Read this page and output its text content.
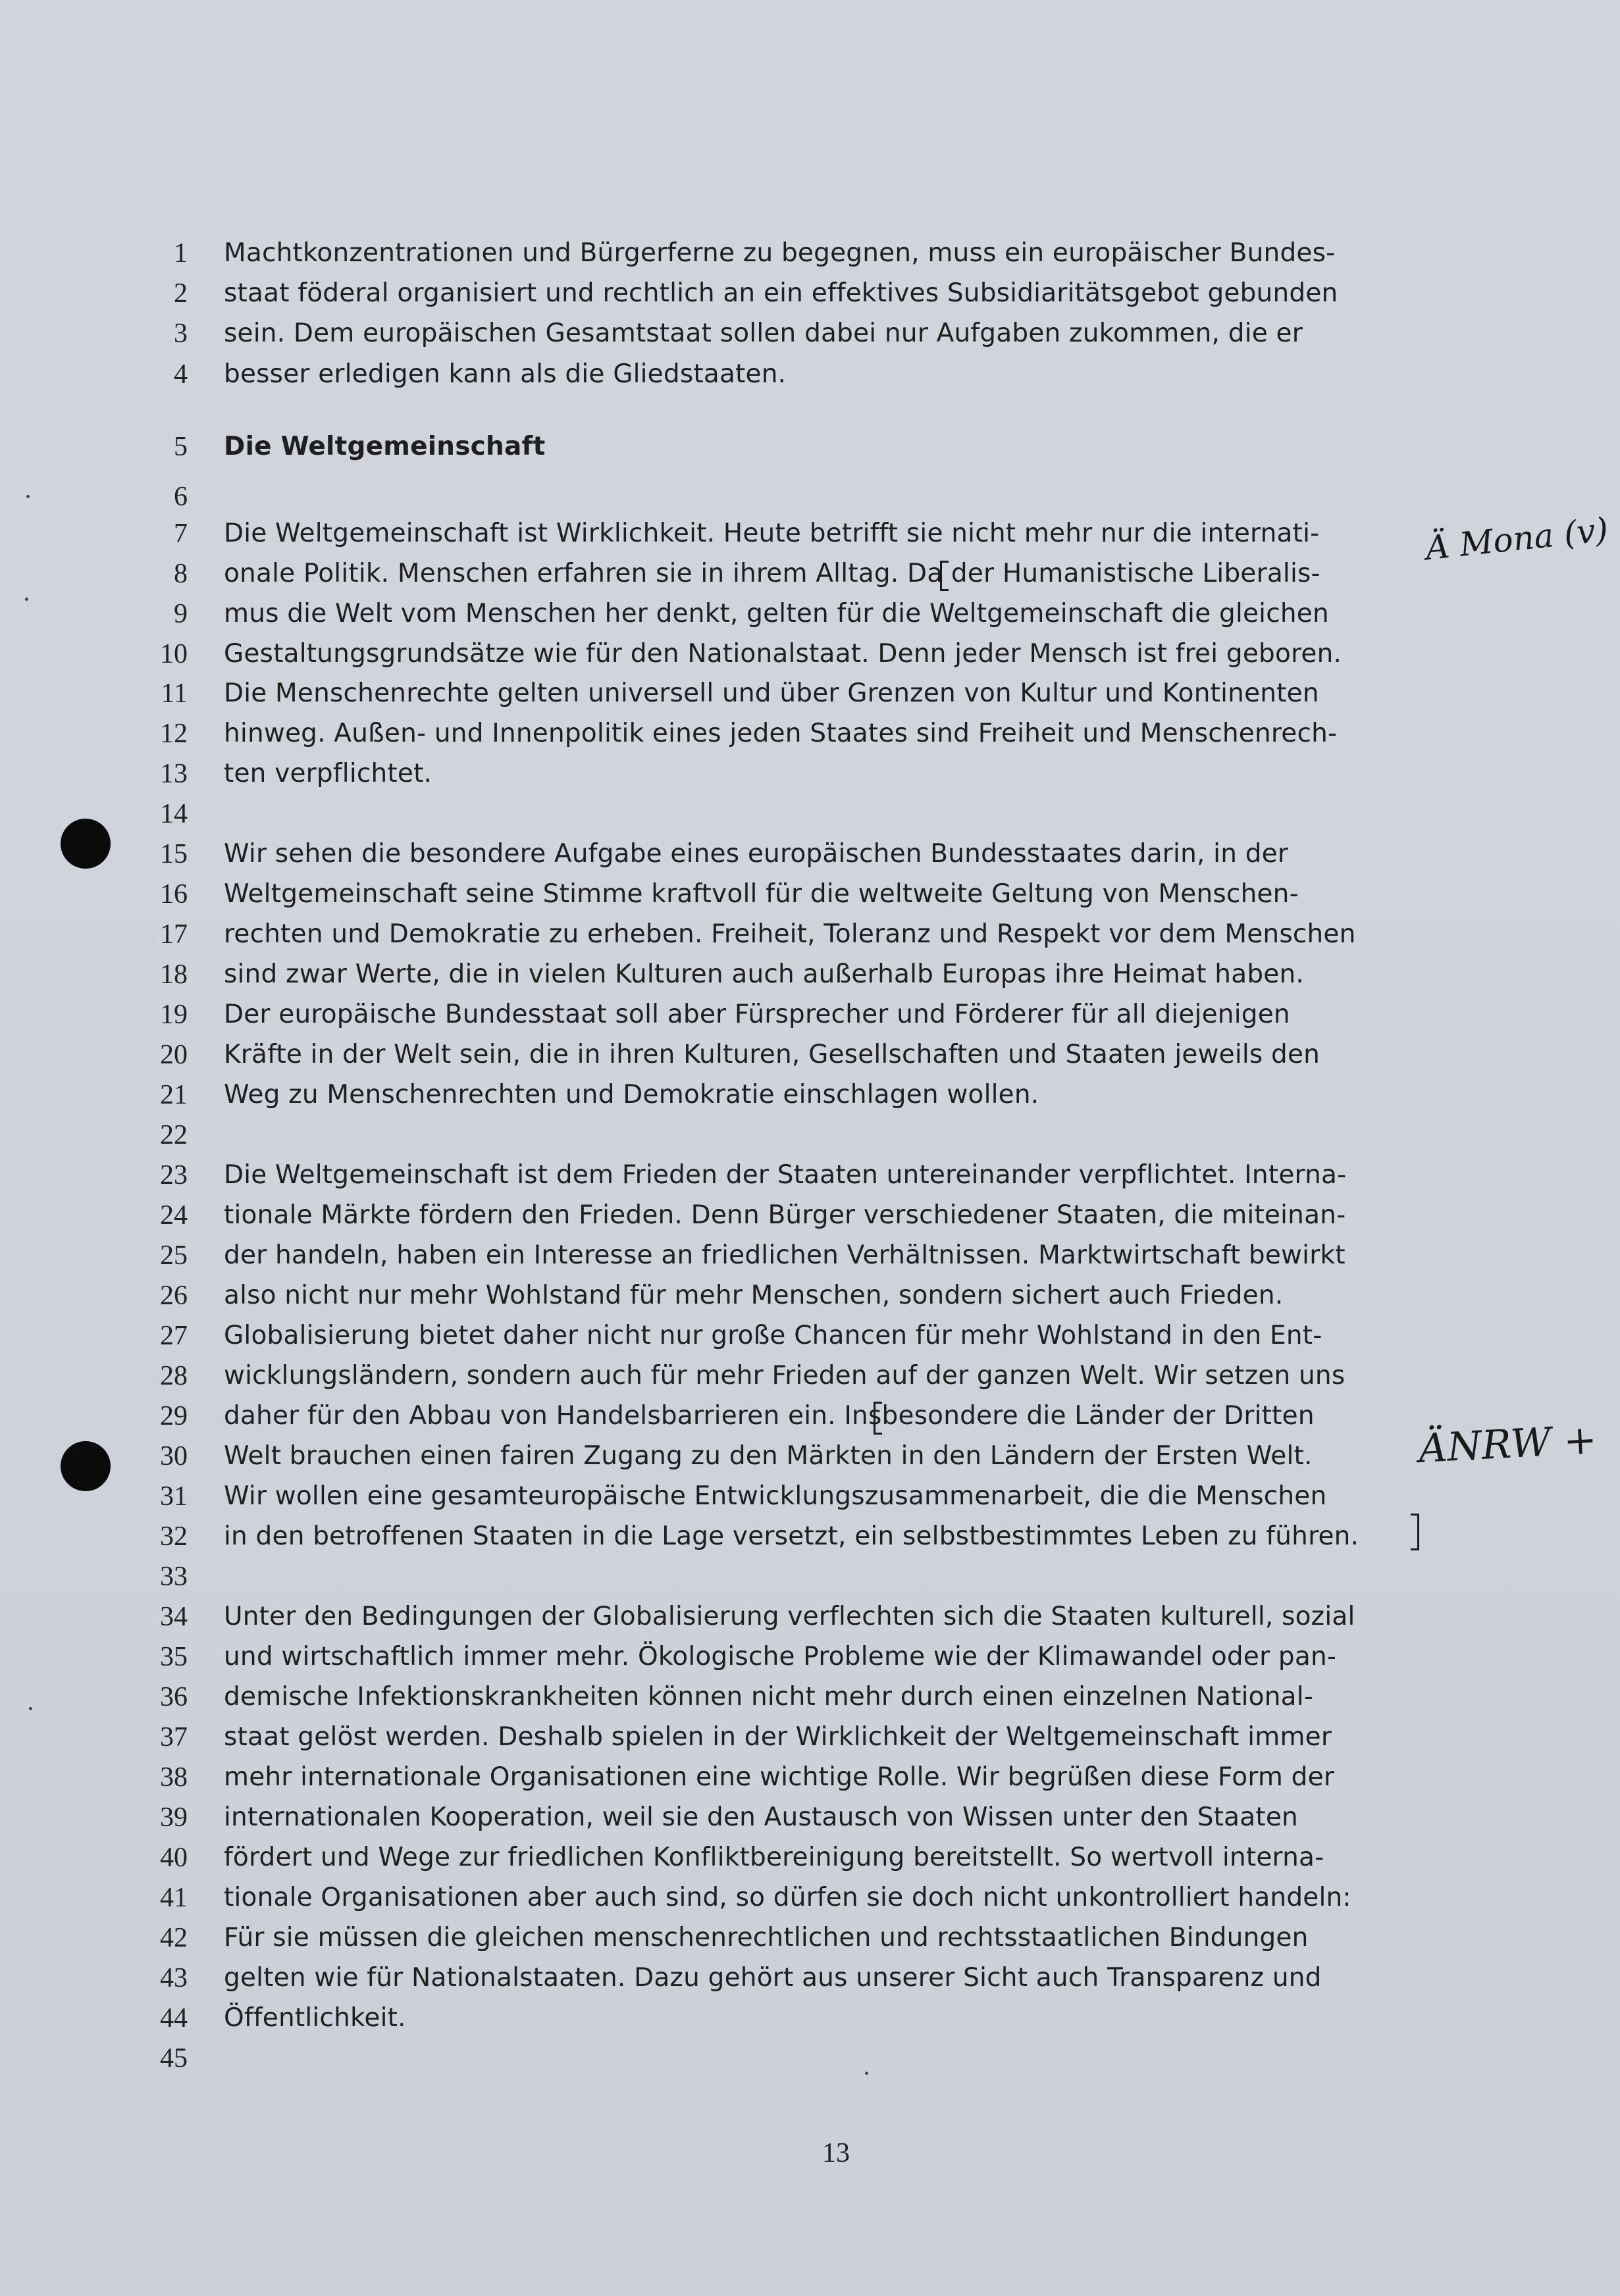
1 Machtkonzentrationen und Bürgerferne zu begegnen, muss ein europäischer Bundes-
2 staat föderal organisiert und rechtlich an ein effektives Subsidiaritätsgebot gebunden
3 sein. Dem europäischen Gesamtstaat sollen dabei nur Aufgaben zukommen, die er
4 besser erledigen kann als die Gliedstaaten.
5 Die Weltgemeinschaft
6
7 Die Weltgemeinschaft ist Wirklichkeit. Heute betrifft sie nicht mehr nur die internati-
8 onale Politik. Menschen erfahren sie in ihrem Alltag. Da der Humanistische Liberalis-
9 mus die Welt vom Menschen her denkt, gelten für die Weltgemeinschaft die gleichen
10 Gestaltungsgrundsätze wie für den Nationalstaat. Denn jeder Mensch ist frei geboren.
11 Die Menschenrechte gelten universell und über Grenzen von Kultur und Kontinenten
12 hinweg. Außen- und Innenpolitik eines jeden Staates sind Freiheit und Menschenrech-
13 ten verpflichtet.
14
15 Wir sehen die besondere Aufgabe eines europäischen Bundesstaates darin, in der
16 Weltgemeinschaft seine Stimme kraftvoll für die weltweite Geltung von Menschen-
17 rechten und Demokratie zu erheben. Freiheit, Toleranz und Respekt vor dem Menschen
18 sind zwar Werte, die in vielen Kulturen auch außerhalb Europas ihre Heimat haben.
19 Der europäische Bundesstaat soll aber Fürsprecher und Förderer für all diejenigen
20 Kräfte in der Welt sein, die in ihren Kulturen, Gesellschaften und Staaten jeweils den
21 Weg zu Menschenrechten und Demokratie einschlagen wollen.
22
23 Die Weltgemeinschaft ist dem Frieden der Staaten untereinander verpflichtet. Interna-
24 tionale Märkte fördern den Frieden. Denn Bürger verschiedener Staaten, die miteinan-
25 der handeln, haben ein Interesse an friedlichen Verhältnissen. Marktwirtschaft bewirkt
26 also nicht nur mehr Wohlstand für mehr Menschen, sondern sichert auch Frieden.
27 Globalisierung bietet daher nicht nur große Chancen für mehr Wohlstand in den Ent-
28 wicklungsländern, sondern auch für mehr Frieden auf der ganzen Welt. Wir setzen uns
29 daher für den Abbau von Handelsbarrieren ein. Insbesondere die Länder der Dritten
30 Welt brauchen einen fairen Zugang zu den Märkten in den Ländern der Ersten Welt.
31 Wir wollen eine gesamteuropäische Entwicklungszusammenarbeit, die die Menschen
32 in den betroffenen Staaten in die Lage versetzt, ein selbstbestimmtes Leben zu führen.
33
34 Unter den Bedingungen der Globalisierung verflechten sich die Staaten kulturell, sozial
35 und wirtschaftlich immer mehr. Ökologische Probleme wie der Klimawandel oder pan-
36 demische Infektionskrankheiten können nicht mehr durch einen einzelnen National-
37 staat gelöst werden. Deshalb spielen in der Wirklichkeit der Weltgemeinschaft immer
38 mehr internationale Organisationen eine wichtige Rolle. Wir begrüßen diese Form der
39 internationalen Kooperation, weil sie den Austausch von Wissen unter den Staaten
40 fördert und Wege zur friedlichen Konfliktbereinigung bereitstellt. So wertvoll interna-
41 tionale Organisationen aber auch sind, so dürfen sie doch nicht unkontrolliert handeln:
42 Für sie müssen die gleichen menschenrechtlichen und rechtsstaatlichen Bindungen
43 gelten wie für Nationalstaaten. Dazu gehört aus unserer Sicht auch Transparenz und
44 Öffentlichkeit.
45
13
Ä Mona (v)
ÄNRW +
